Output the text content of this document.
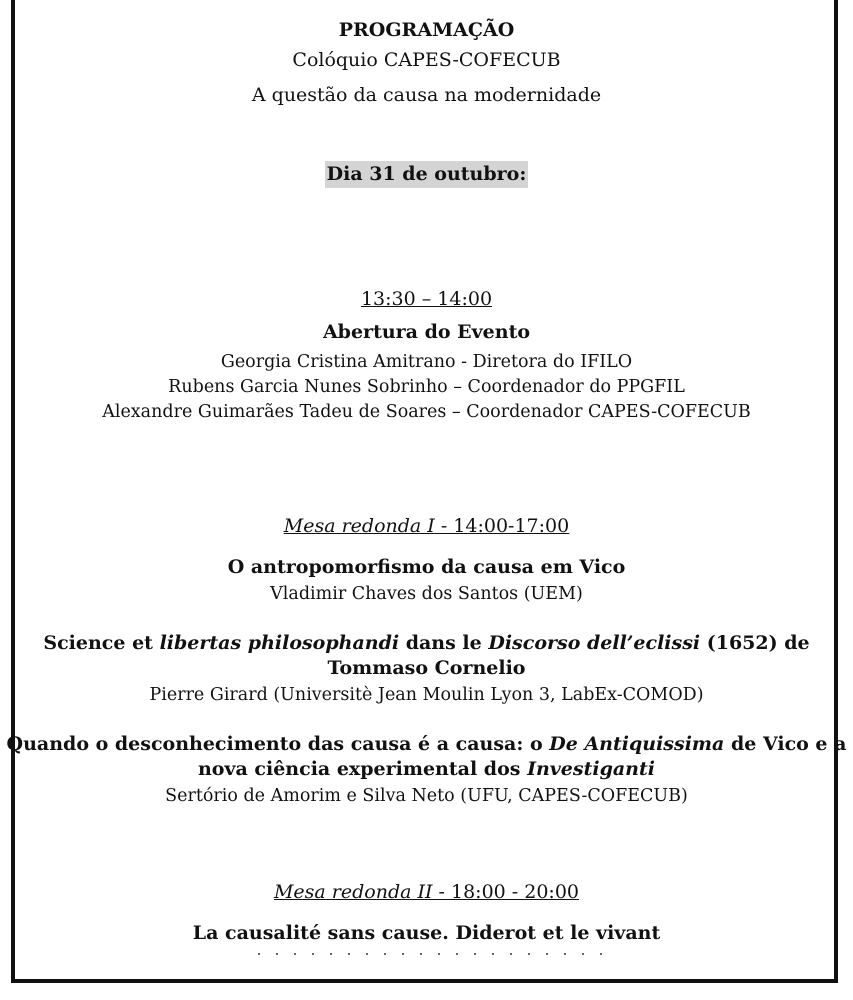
PROGRAMAÇÃO
Colóquio CAPES-COFECUB
A questão da causa na modernidade
Dia 31 de outubro:
13:30 – 14:00
Abertura do Evento
Georgia Cristina Amitrano - Diretora do IFILO
Rubens Garcia Nunes Sobrinho – Coordenador do PPGFIL
Alexandre Guimarães Tadeu de Soares – Coordenador CAPES-COFECUB
Mesa redonda I - 14:00-17:00
O antropomorfismo da causa em Vico
Vladimir Chaves dos Santos (UEM)
Science et libertas philosophandi dans le Discorso dell’eclissi (1652) de
Tommaso Cornelio
Pierre Girard (Universitè Jean Moulin Lyon 3, LabEx-COMOD)
Quando o desconhecimento das causa é a causa: o De Antiquissima de Vico e a
nova ciência experimental dos Investiganti
Sertório de Amorim e Silva Neto (UFU, CAPES-COFECUB)
Mesa redonda II - 18:00 - 20:00
La causalité sans cause. Diderot et le vivant
